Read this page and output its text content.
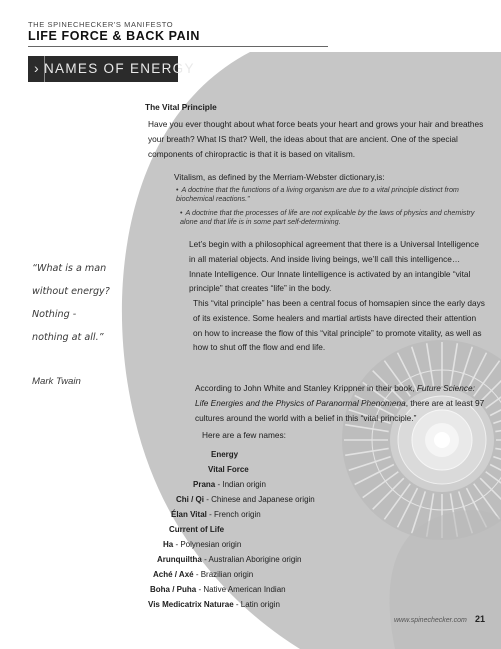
THE SPINECHECKER'S MANIFESTO
LIFE FORCE & BACK PAIN
› NAMES OF ENERGY
“What is a man
without energy?
Nothing -
nothing at all.”
Mark Twain
The Vital Principle
Have you ever thought about what force beats your heart and grows your hair and breathes your breath? What IS that? Well, the ideas about that are ancient. One of the special components of chiropractic is that it is based on vitalism.
Vitalism, as defined by the Merriam-Webster dictionary,is:
• A doctrine that the functions of a living organism are due to a vital principle distinct from biochemical reactions.”
• A doctrine that the processes of life are not explicable by the laws of physics and chemistry alone and that life is in some part self-determining.
Let’s begin with a philosophical agreement that there is a Universal Intelligence in all material objects. And inside living beings, we’ll call this intelligence… Innate Intelligence. Our Innate Iintelligence is activated by an intangible “vital principle” that creates “life” in the body.
This “vital principle” has been a central focus of homsapien since the early days of its existence. Some healers and martial artists have directed their attention on how to increase the flow of this “vital principle” to promote vitality, as well as how to shut off the flow and end life.
According to John White and Stanley Krippner in their book, Future Science: Life Energies and the Physics of Paranormal Phenomena, there are at least 97 cultures around the world with a belief in this “vital principle.”
Here are a few names:
Energy
Vital Force
Prana - Indian origin
Chi / Qi - Chinese and Japanese origin
Élan Vital - French origin
Current of Life
Ha - Polynesian origin
Arunquiltha - Australian Aborigine origin
Aché / Axé - Brazilian origin
Boha / Puha - Native American Indian
Vis Medicatrix Naturae - Latin origin
www.spinechecker.com 21
